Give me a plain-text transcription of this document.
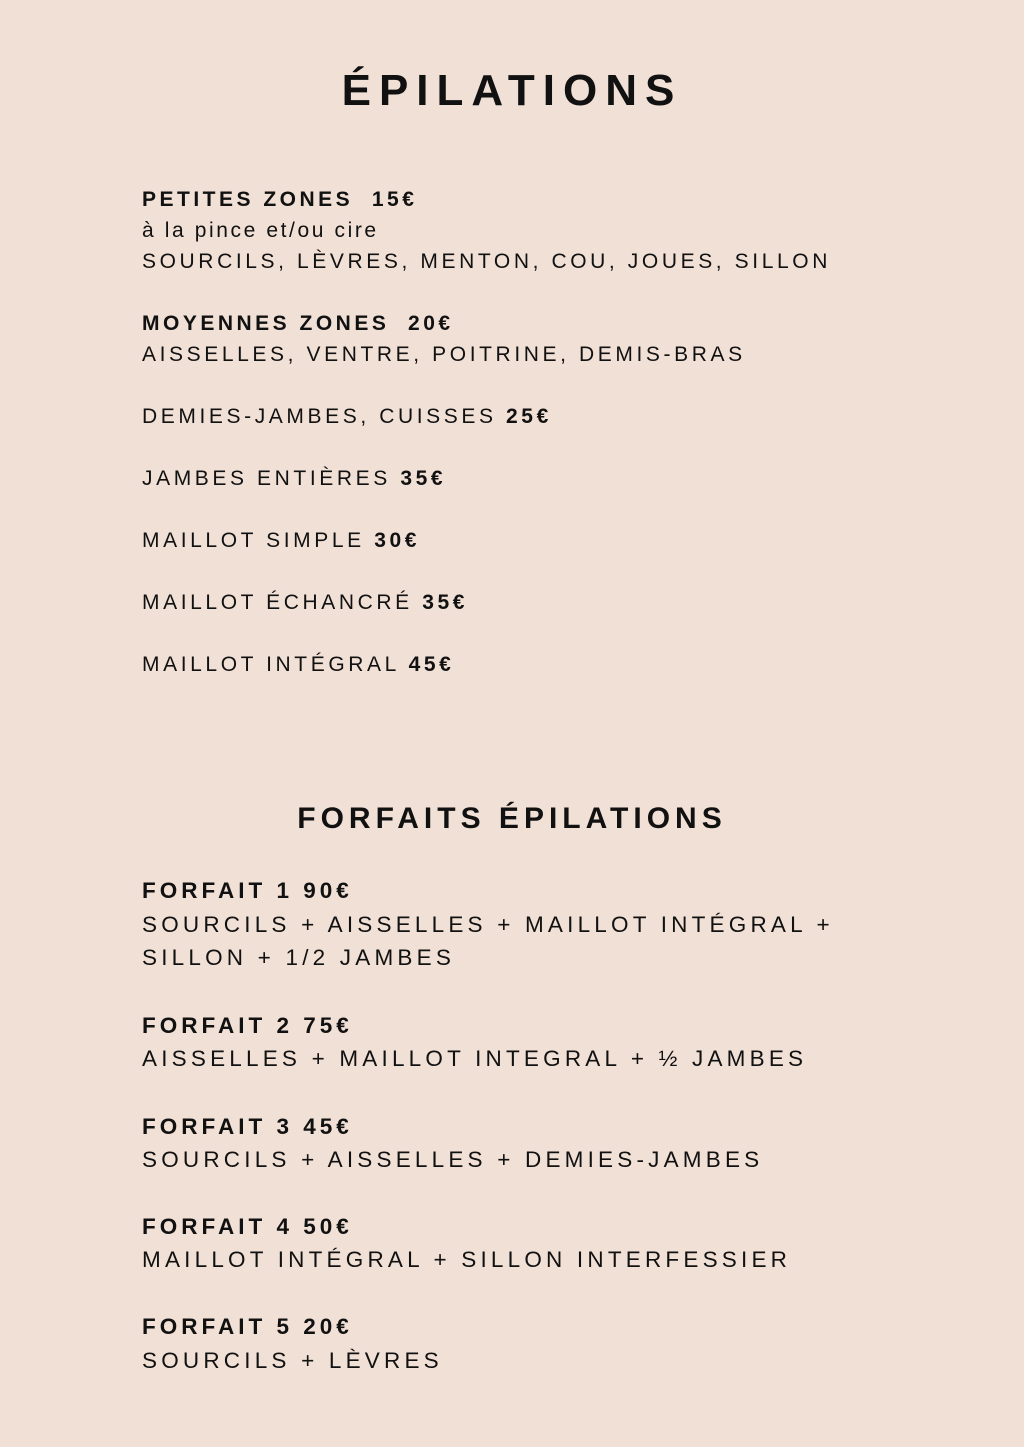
ÉPILATIONS
PETITES ZONES 15€
à la pince et/ou cire
SOURCILS, LÈVRES, MENTON, COU, JOUES, SILLON
MOYENNES ZONES 20€
AISSELLES, VENTRE, POITRINE, DEMIS-BRAS
DEMIES-JAMBES, CUISSES 25€
JAMBES ENTIÈRES 35€
MAILLOT SIMPLE 30€
MAILLOT ÉCHANCRÉ 35€
MAILLOT INTÉGRAL 45€
FORFAITS ÉPILATIONS
FORFAIT 1 90€
SOURCILS + AISSELLES + MAILLOT INTÉGRAL +
SILLON + 1/2 JAMBES
FORFAIT 2 75€
AISSELLES + MAILLOT INTEGRAL + ½ JAMBES
FORFAIT 3 45€
SOURCILS + AISSELLES + DEMIES-JAMBES
FORFAIT 4 50€
MAILLOT INTÉGRAL + SILLON INTERFESSIER
FORFAIT 5 20€
SOURCILS + LÈVRES
